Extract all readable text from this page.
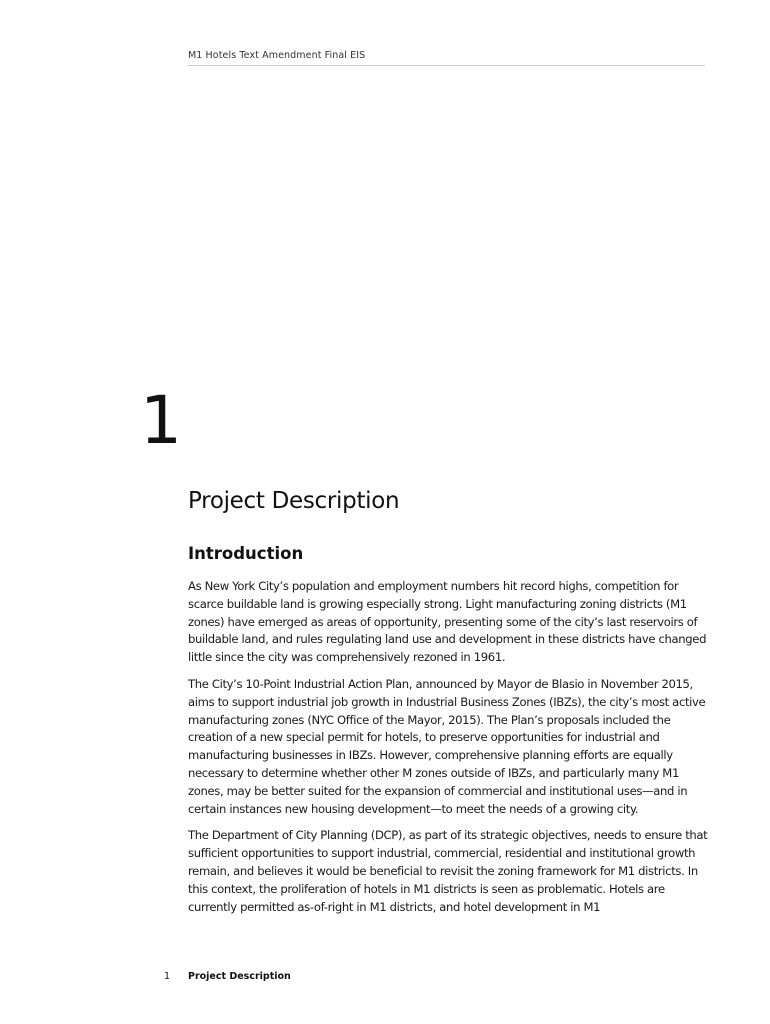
M1 Hotels Text Amendment Final EIS
1
Project Description
Introduction

As New York City’s population and employment numbers hit record highs, competition for scarce buildable land is growing especially strong. Light manufacturing zoning districts (M1 zones) have emerged as areas of opportunity, presenting some of the city’s last reservoirs of buildable land, and rules regulating land use and development in these districts have changed little since the city was comprehensively rezoned in 1961.

The City’s 10-Point Industrial Action Plan, announced by Mayor de Blasio in November 2015, aims to support industrial job growth in Industrial Business Zones (IBZs), the city’s most active manufacturing zones (NYC Office of the Mayor, 2015). The Plan’s proposals included the creation of a new special permit for hotels, to preserve opportunities for industrial and manufacturing businesses in IBZs. However, comprehensive planning efforts are equally necessary to determine whether other M zones outside of IBZs, and particularly many M1 zones, may be better suited for the expansion of commercial and institutional uses—and in certain instances new housing development—to meet the needs of a growing city.

The Department of City Planning (DCP), as part of its strategic objectives, needs to ensure that sufficient opportunities to support industrial, commercial, residential and institutional growth remain, and believes it would be beneficial to revisit the zoning framework for M1 districts. In this context, the proliferation of hotels in M1 districts is seen as problematic. Hotels are currently permitted as-of-right in M1 districts, and hotel development in M1

1 Project Description
